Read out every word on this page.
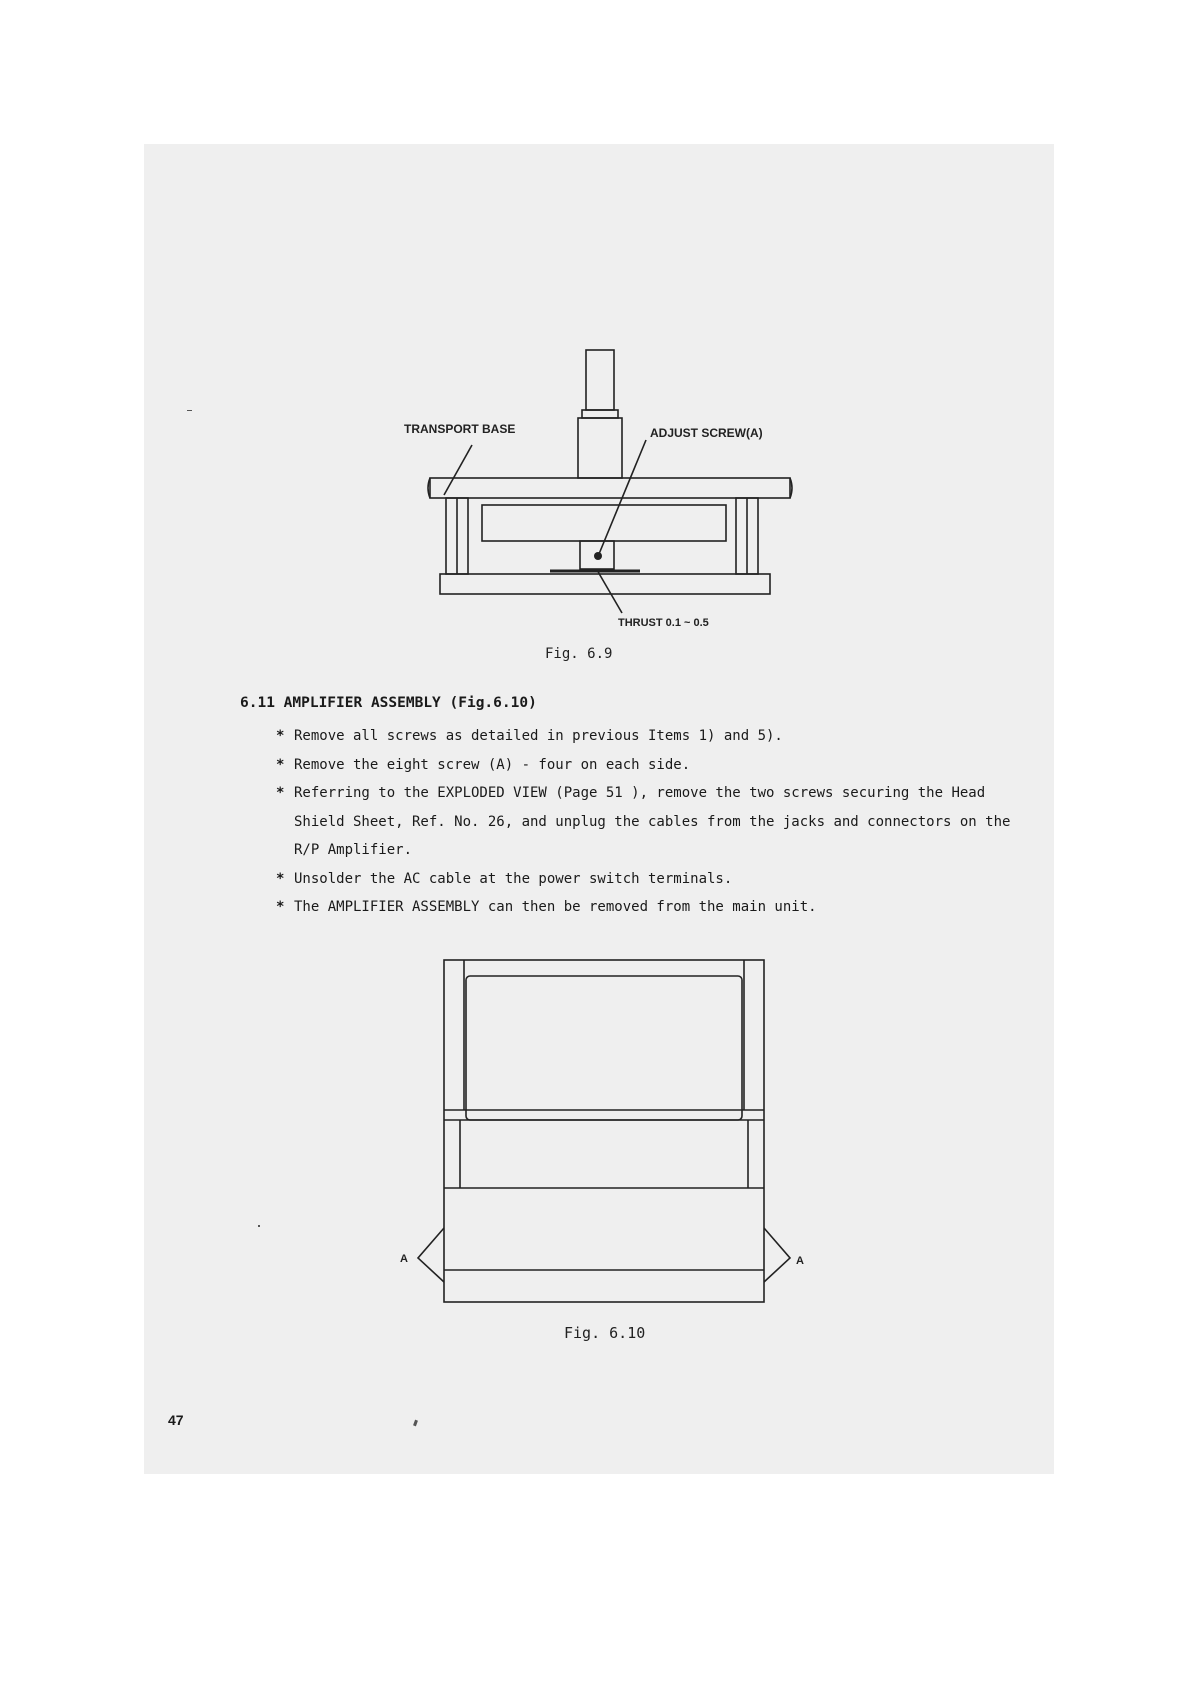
TRANSPORT BASE	ADJUST SCREW(A)
THRUST 0.1 ~ 0.5
Fig. 6.9
6.11 AMPLIFIER ASSEMBLY (Fig.6.10)
* Remove all screws as detailed in previous Items 1) and 5).
* Remove the eight screw (A) - four on each side.
* Referring to the EXPLODED VIEW (Page 51 ), remove the two screws securing the Head Shield Sheet, Ref. No. 26, and unplug the cables from the jacks and connectors on the R/P Amplifier.
* Unsolder the AC cable at the power switch terminals.
* The AMPLIFIER ASSEMBLY can then be removed from the main unit.
A	A
Fig. 6.10
47
